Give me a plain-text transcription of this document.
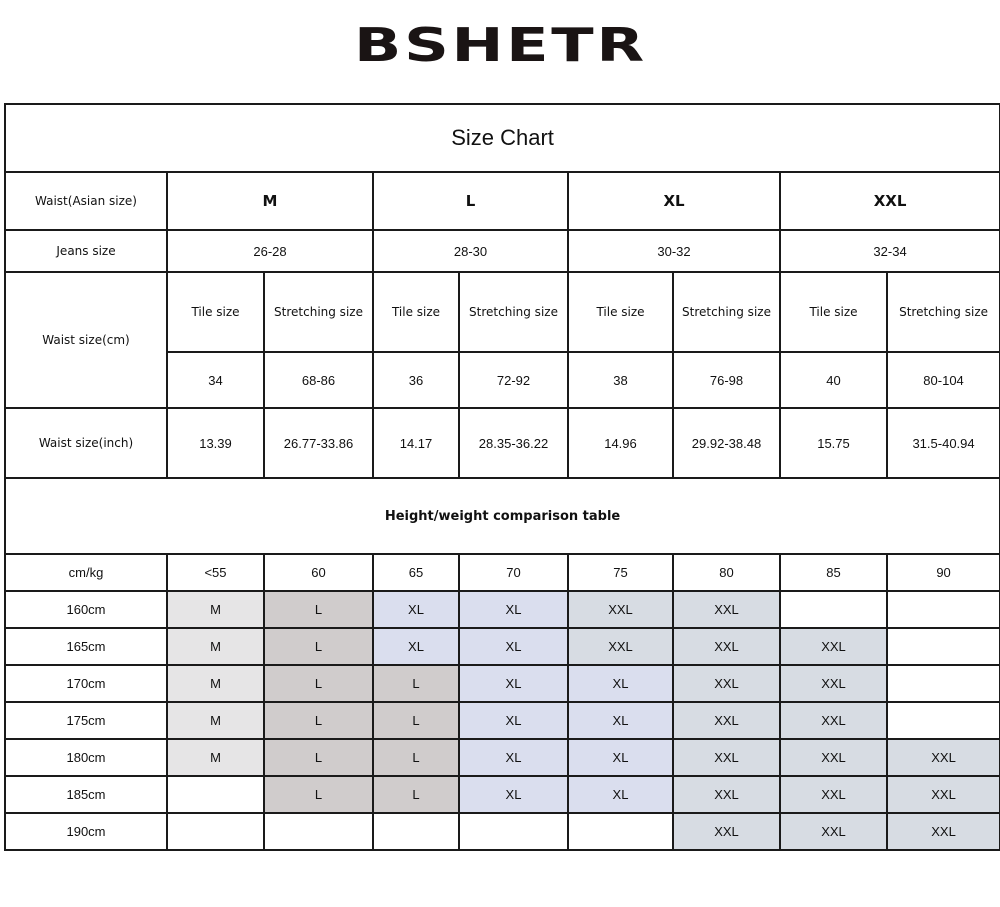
BSHETR
Size Chart								
Waist(Asian size)	M		L		XL		XXL	
Jeans size	26-28		28-30		30-32		32-34	
Waist size(cm)	Tile size	Stretching size	Tile size	Stretching size	Tile size	Stretching size	Tile size	Stretching size
	34	68-86	36	72-92	38	76-98	40	80-104
Waist size(inch)	13.39	26.77-33.86	14.17	28.35-36.22	14.96	29.92-38.48	15.75	31.5-40.94
Height/weight comparison table								
cm/kg	<55	60	65	70	75	80	85	90
160cm	M	L	XL	XL	XXL	XXL		
165cm	M	L	XL	XL	XXL	XXL	XXL	
170cm	M	L	L	XL	XL	XXL	XXL	
175cm	M	L	L	XL	XL	XXL	XXL	
180cm	M	L	L	XL	XL	XXL	XXL	XXL
185cm		L	L	XL	XL	XXL	XXL	XXL
190cm						XXL	XXL	XXL
